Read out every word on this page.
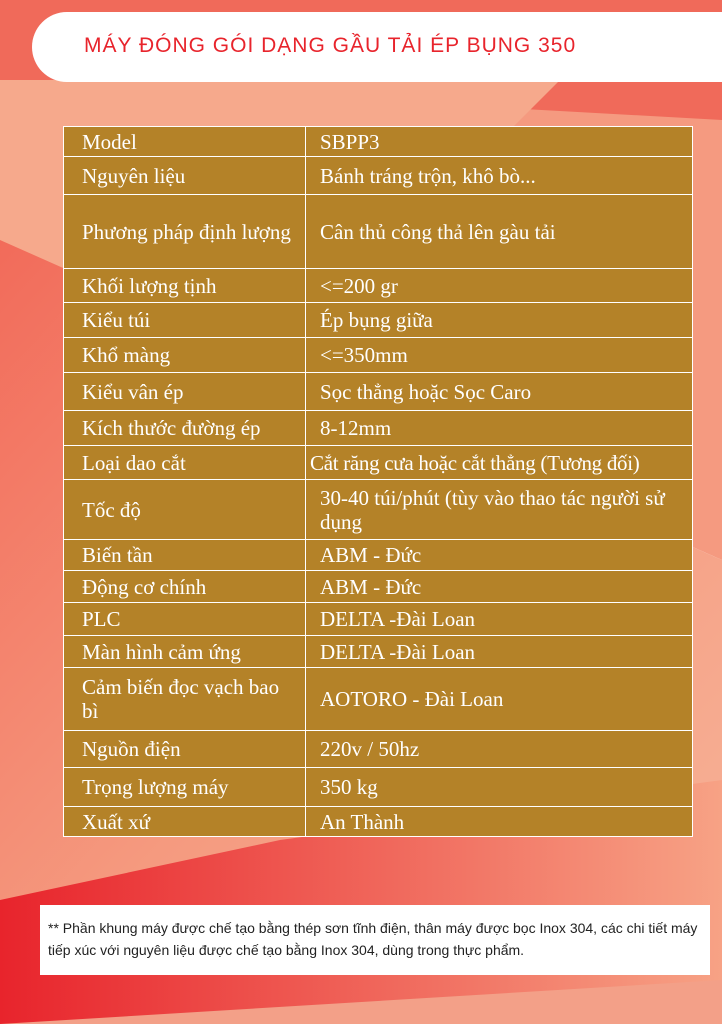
MÁY ĐÓNG GÓI DẠNG GẦU TẢI ÉP BỤNG 350
Model	SBPP3
Nguyên liệu	Bánh tráng trộn, khô bò...
Phương pháp định lượng	Cân thủ công thả lên gàu tải
Khối lượng tịnh	<=200 gr
Kiểu túi	Ép bụng giữa
Khổ màng	<=350mm
Kiểu vân ép	Sọc thẳng hoặc Sọc Caro
Kích thước đường ép	8-12mm
Loại dao cắt	Cắt răng cưa hoặc cắt thẳng (Tương đối)
Tốc độ	30-40 túi/phút (tùy vào thao tác người sử dụng
Biến tần	ABM - Đức
Động cơ chính	ABM - Đức
PLC	DELTA -Đài Loan
Màn hình cảm ứng	DELTA -Đài Loan
Cảm biến đọc vạch bao bì	AOTORO - Đài Loan
Nguồn điện	220v / 50hz
Trọng lượng máy	350 kg
Xuất xứ	An Thành
** Phần khung máy được chế tạo bằng thép sơn tĩnh điện, thân máy được bọc Inox 304, các chi tiết máy tiếp xúc với nguyên liệu được chế tạo bằng Inox 304, dùng trong thực phẩm.
